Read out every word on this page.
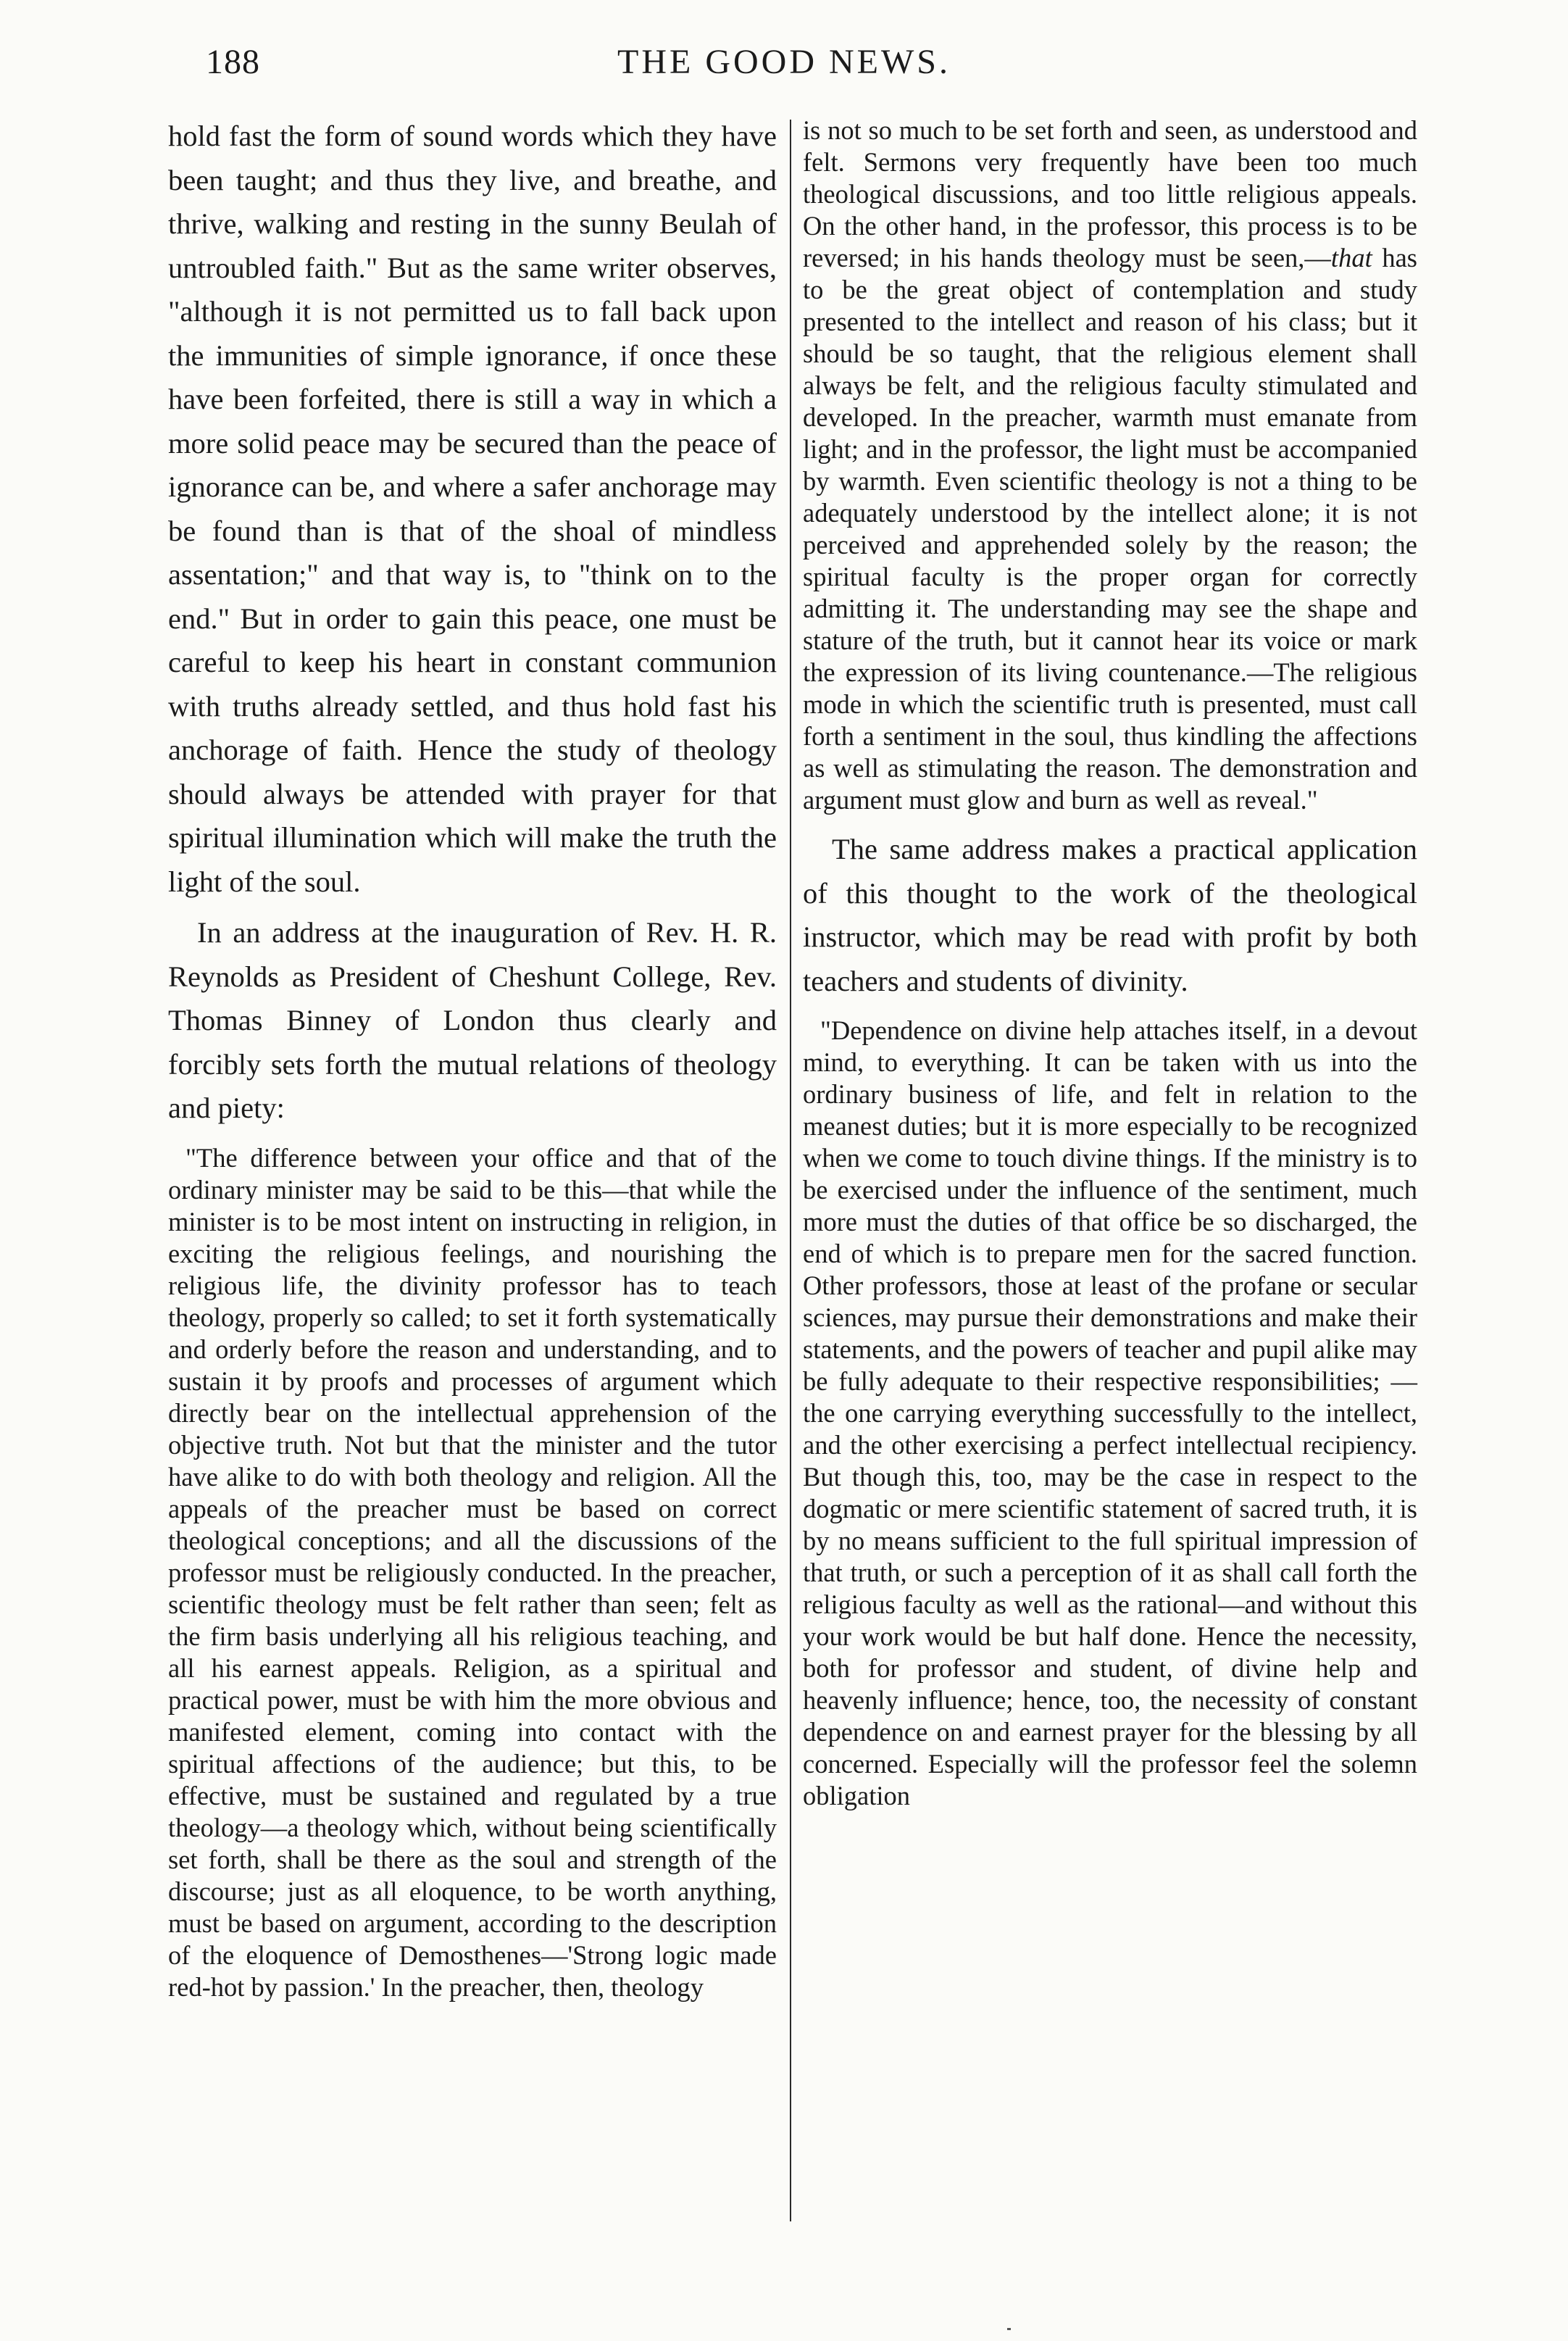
188	THE GOOD NEWS.

hold fast the form of sound words which they have been taught; and thus they live, and breathe, and thrive, walking and resting in the sunny Beulah of untroubled faith." But as the same writer observes, "although it is not permitted us to fall back upon the immunities of simple ignorance, if once these have been forfeited, there is still a way in which a more solid peace may be secured than the peace of ignorance can be, and where a safer anchorage may be found than is that of the shoal of mindless assentation;" and that way is, to "think on to the end." But in order to gain this peace, one must be careful to keep his heart in constant communion with truths already settled, and thus hold fast his anchorage of faith. Hence the study of theology should always be attended with prayer for that spiritual illumination which will make the truth the light of the soul.

In an address at the inauguration of Rev. H. R. Reynolds as President of Cheshunt College, Rev. Thomas Binney of London thus clearly and forcibly sets forth the mutual relations of theology and piety:

"The difference between your office and that of the ordinary minister may be said to be this—that while the minister is to be most intent on instructing in religion, in exciting the religious feelings, and nourishing the religious life, the divinity professor has to teach theology, properly so called; to set it forth systematically and orderly before the reason and understanding, and to sustain it by proofs and processes of argument which directly bear on the intellectual apprehension of the objective truth. Not but that the minister and the tutor have alike to do with both theology and religion. All the appeals of the preacher must be based on correct theological conceptions; and all the discussions of the professor must be religiously conducted. In the preacher, scientific theology must be felt rather than seen; felt as the firm basis underlying all his religious teaching, and all his earnest appeals. Religion, as a spiritual and practical power, must be with him the more obvious and manifested element, coming into contact with the spiritual affections of the audience; but this, to be effective, must be sustained and regulated by a true theology—a theology which, without being scientifically set forth, shall be there as the soul and strength of the discourse; just as all eloquence, to be worth anything, must be based on argument, according to the description of the eloquence of Demosthenes—'Strong logic made red-hot by passion.' In the preacher, then, theology

is not so much to be set forth and seen, as understood and felt. Sermons very frequently have been too much theological discussions, and too little religious appeals. On the other hand, in the professor, this process is to be reversed; in his hands theology must be seen,—that has to be the great object of contemplation and study presented to the intellect and reason of his class; but it should be so taught, that the religious element shall always be felt, and the religious faculty stimulated and developed. In the preacher, warmth must emanate from light; and in the professor, the light must be accompanied by warmth. Even scientific theology is not a thing to be adequately understood by the intellect alone; it is not perceived and apprehended solely by the reason; the spiritual faculty is the proper organ for correctly admitting it. The understanding may see the shape and stature of the truth, but it cannot hear its voice or mark the expression of its living countenance.—The religious mode in which the scientific truth is presented, must call forth a sentiment in the soul, thus kindling the affections as well as stimulating the reason. The demonstration and argument must glow and burn as well as reveal."

The same address makes a practical application of this thought to the work of the theological instructor, which may be read with profit by both teachers and students of divinity.

"Dependence on divine help attaches itself, in a devout mind, to everything. It can be taken with us into the ordinary business of life, and felt in relation to the meanest duties; but it is more especially to be recognized when we come to touch divine things. If the ministry is to be exercised under the influence of the sentiment, much more must the duties of that office be so discharged, the end of which is to prepare men for the sacred function. Other professors, those at least of the profane or secular sciences, may pursue their demonstrations and make their statements, and the powers of teacher and pupil alike may be fully adequate to their respective responsibilities; —the one carrying everything successfully to the intellect, and the other exercising a perfect intellectual recipiency. But though this, too, may be the case in respect to the dogmatic or mere scientific statement of sacred truth, it is by no means sufficient to the full spiritual impression of that truth, or such a perception of it as shall call forth the religious faculty as well as the rational—and without this your work would be but half done. Hence the necessity, both for professor and student, of divine help and heavenly influence; hence, too, the necessity of constant dependence on and earnest prayer for the blessing by all concerned. Especially will the professor feel the solemn obligation
